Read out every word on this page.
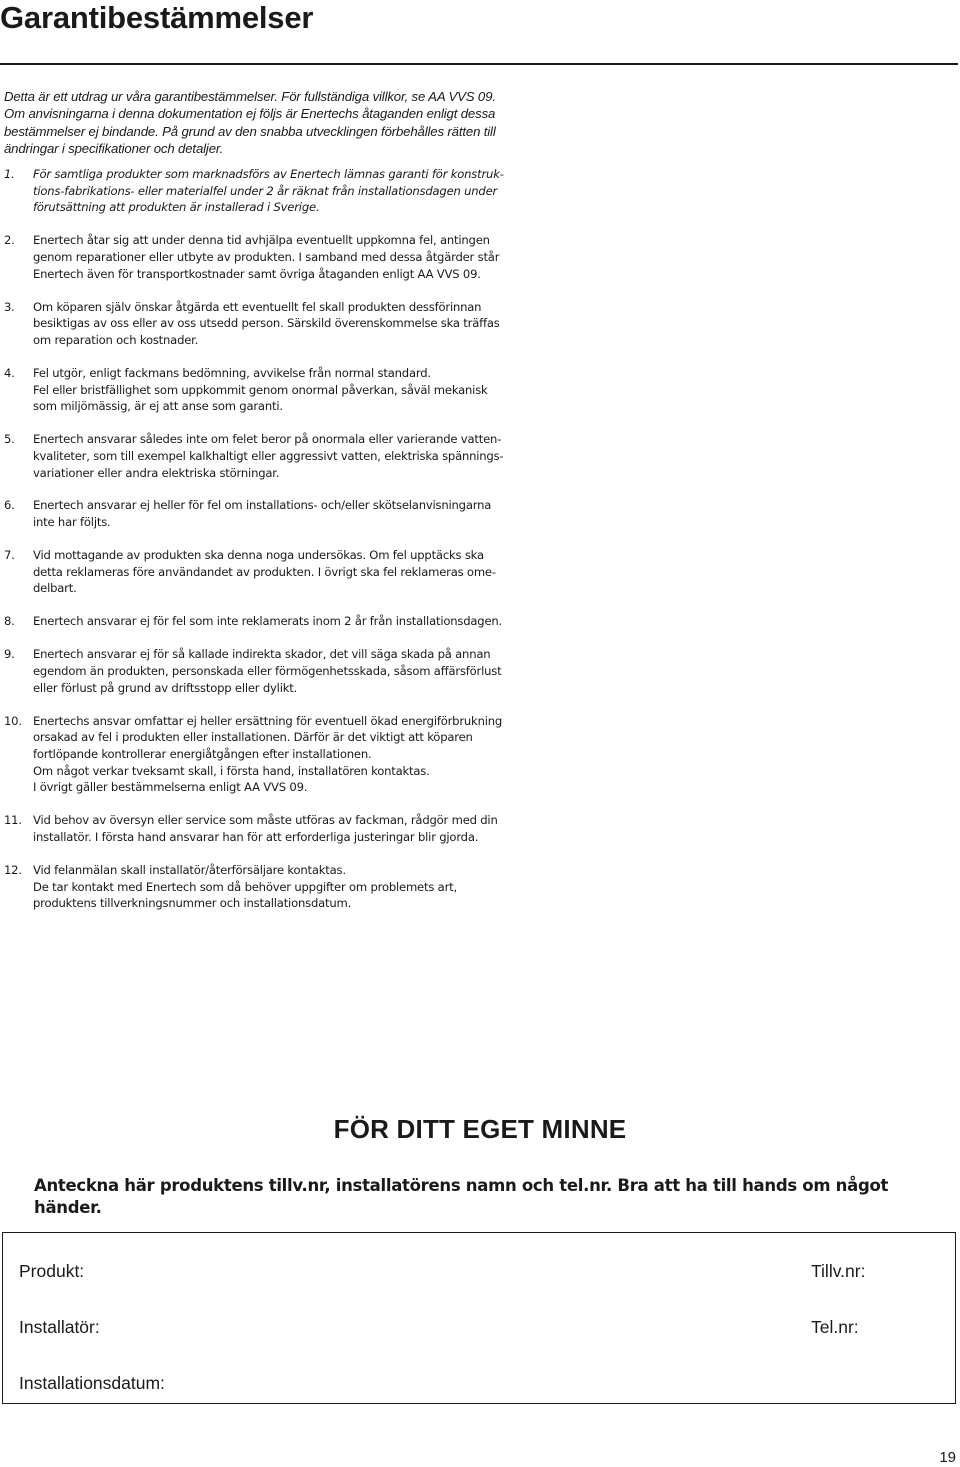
Garantibestämmelser

Detta är ett utdrag ur våra garantibestämmelser. För fullständiga villkor, se AA VVS 09.
Om anvisningarna i denna dokumentation ej följs är Enertechs åtaganden enligt dessa
bestämmelser ej bindande. På grund av den snabba utvecklingen förbehålles rätten till
ändringar i specifikationer och detaljer.

1. För samtliga produkter som marknadsförs av Enertech lämnas garanti för konstruk-
tions-fabrikations- eller materialfel under 2 år räknat från installationsdagen under
förutsättning att produkten är installerad i Sverige.
2. Enertech åtar sig att under denna tid avhjälpa eventuellt uppkomna fel, antingen
genom reparationer eller utbyte av produkten. I samband med dessa åtgärder står
Enertech även för transportkostnader samt övriga åtaganden enligt AA VVS 09.
3. Om köparen själv önskar åtgärda ett eventuellt fel skall produkten dessförinnan
besiktigas av oss eller av oss utsedd person. Särskild överenskommelse ska träffas
om reparation och kostnader.
4. Fel utgör, enligt fackmans bedömning, avvikelse från normal standard.
Fel eller bristfällighet som uppkommit genom onormal påverkan, såväl mekanisk
som miljömässig, är ej att anse som garanti.
5. Enertech ansvarar således inte om felet beror på onormala eller varierande vatten-
kvaliteter, som till exempel kalkhaltigt eller aggressivt vatten, elektriska spännings-
variationer eller andra elektriska störningar.
6. Enertech ansvarar ej heller för fel om installations- och/eller skötselanvisningarna
inte har följts.
7. Vid mottagande av produkten ska denna noga undersökas. Om fel upptäcks ska
detta reklameras före användandet av produkten. I övrigt ska fel reklameras ome-
delbart.
8. Enertech ansvarar ej för fel som inte reklamerats inom 2 år från installationsdagen.
9. Enertech ansvarar ej för så kallade indirekta skador, det vill säga skada på annan
egendom än produkten, personskada eller förmögenhetsskada, såsom affärsförlust
eller förlust på grund av driftsstopp eller dylikt.
10. Enertechs ansvar omfattar ej heller ersättning för eventuell ökad energiförbrukning
orsakad av fel i produkten eller installationen. Därför är det viktigt att köparen
fortlöpande kontrollerar energiåtgången efter installationen.
Om något verkar tveksamt skall, i första hand, installatören kontaktas.
I övrigt gäller bestämmelserna enligt AA VVS 09.
11. Vid behov av översyn eller service som måste utföras av fackman, rådgör med din
installatör. I första hand ansvarar han för att erforderliga justeringar blir gjorda.
12. Vid felanmälan skall installatör/återförsäljare kontaktas.
De tar kontakt med Enertech som då behöver uppgifter om problemets art,
produktens tillverkningsnummer och installationsdatum.
FÖR DITT EGET MINNE

Anteckna här produktens tillv.nr, installatörens namn och tel.nr. Bra att ha till hands om något händer.

Produkt:	Tillv.nr:
Installatör:	Tel.nr:
Installationsdatum:
19
